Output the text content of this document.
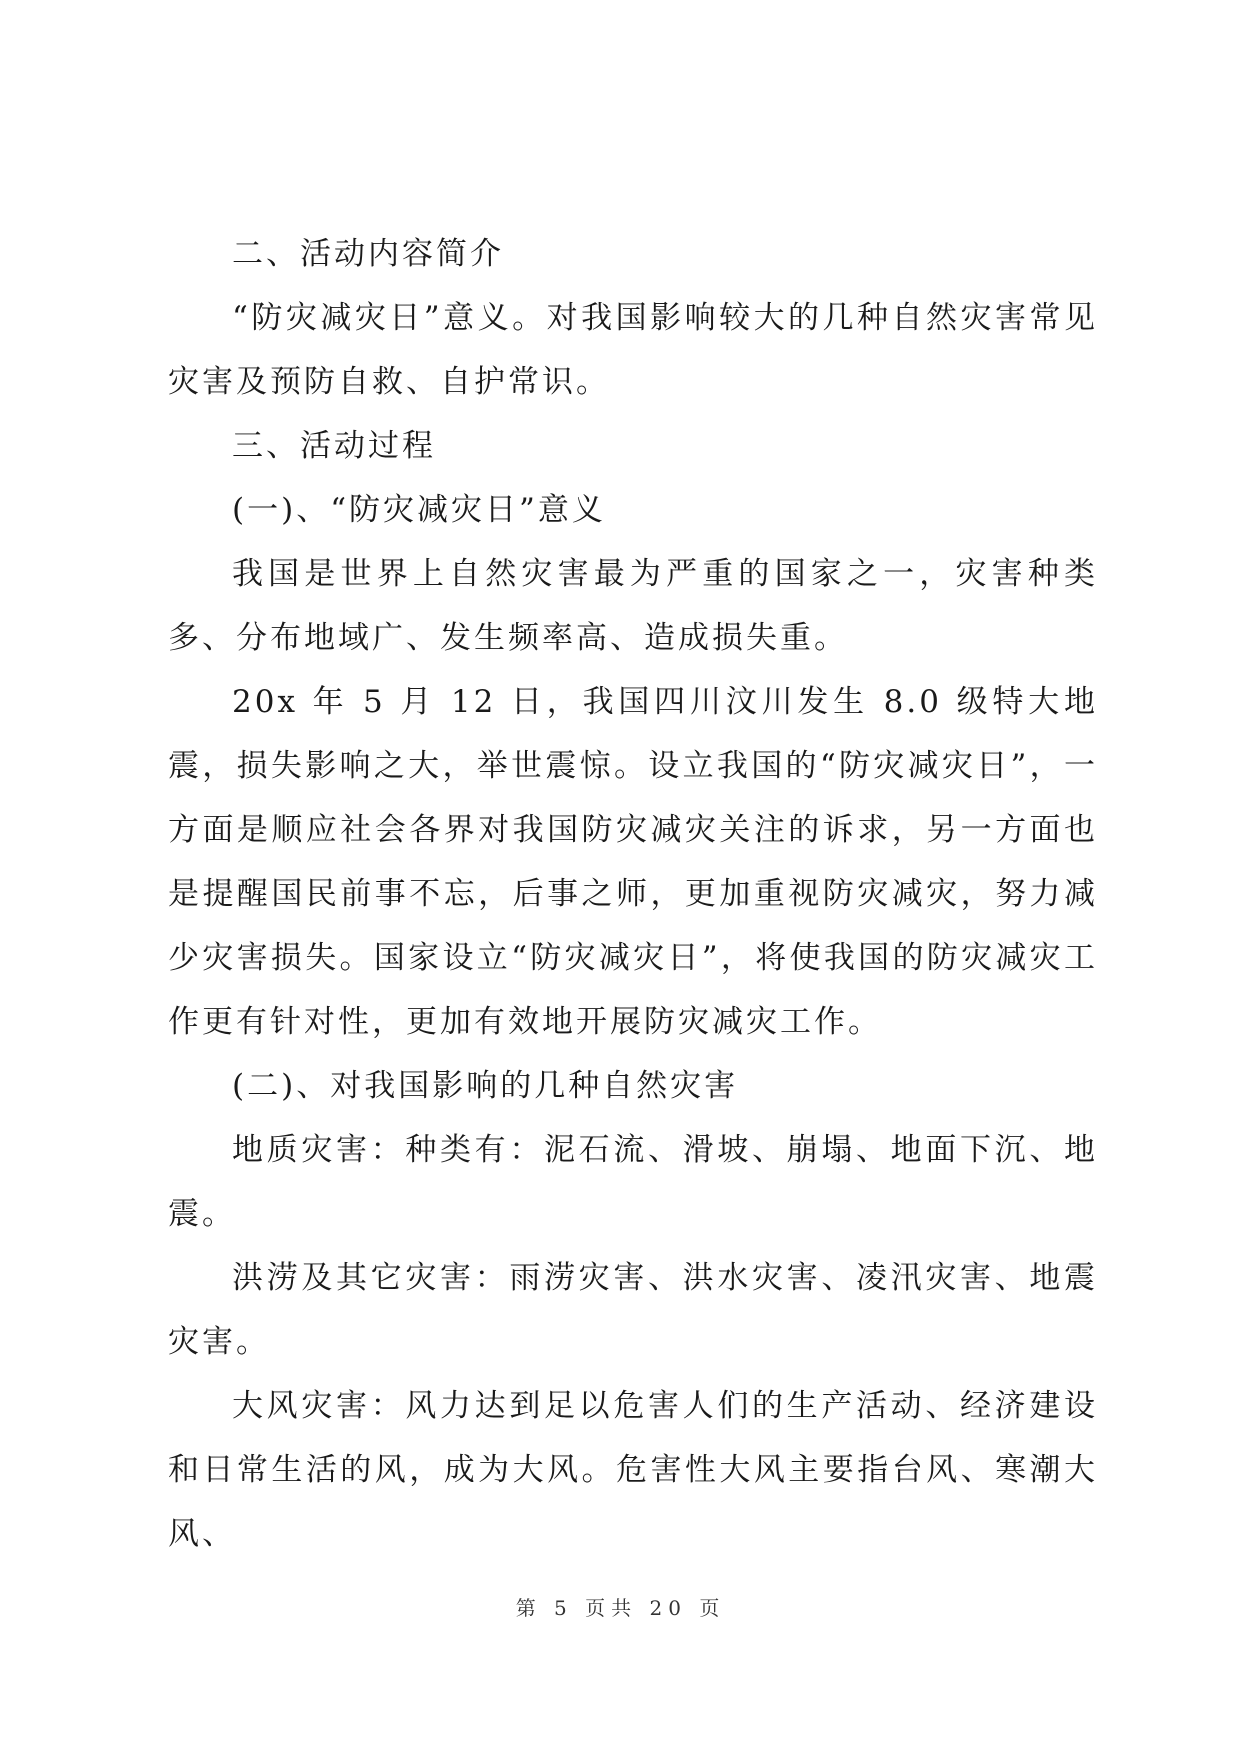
二、活动内容简介

“防灾减灾日”意义。对我国影响较大的几种自然灾害常见灾害及预防自救、自护常识。

三、活动过程

(一)、“防灾减灾日”意义

我国是世界上自然灾害最为严重的国家之一，灾害种类多、分布地域广、发生频率高、造成损失重。

20x 年 5 月 12 日，我国四川汶川发生 8.0 级特大地震，损失影响之大，举世震惊。设立我国的“防灾减灾日”，一方面是顺应社会各界对我国防灾减灾关注的诉求，另一方面也是提醒国民前事不忘，后事之师，更加重视防灾减灾，努力减少灾害损失。国家设立“防灾减灾日”，将使我国的防灾减灾工作更有针对性，更加有效地开展防灾减灾工作。

(二)、对我国影响的几种自然灾害

地质灾害：种类有：泥石流、滑坡、崩塌、地面下沉、地震。

洪涝及其它灾害：雨涝灾害、洪水灾害、凌汛灾害、地震灾害。

大风灾害：风力达到足以危害人们的生产活动、经济建设和日常生活的风，成为大风。危害性大风主要指台风、寒潮大风、

第 5 页共 20 页
